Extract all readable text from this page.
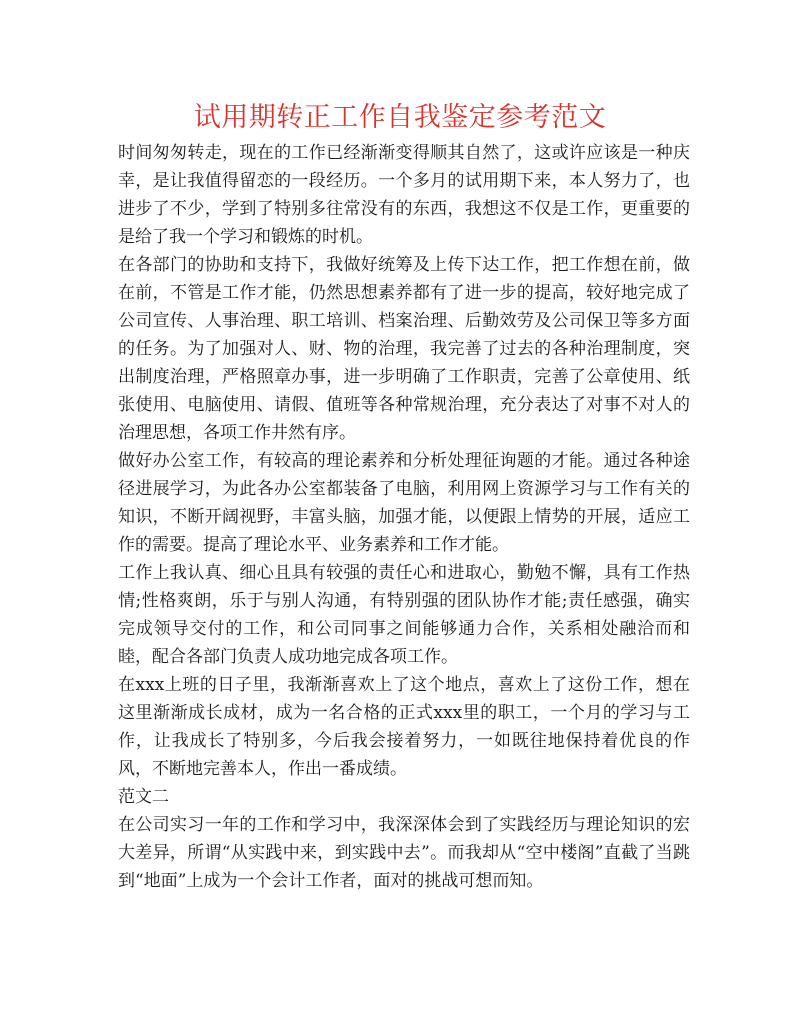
试用期转正工作自我鉴定参考范文

时间匆匆转走，现在的工作已经渐渐变得顺其自然了，这或许应该是一种庆幸，是让我值得留恋的一段经历。一个多月的试用期下来，本人努力了，也进步了不少，学到了特别多往常没有的东西，我想这不仅是工作，更重要的是给了我一个学习和锻炼的时机。

在各部门的协助和支持下，我做好统筹及上传下达工作，把工作想在前，做在前，不管是工作才能，仍然思想素养都有了进一步的提高，较好地完成了公司宣传、人事治理、职工培训、档案治理、后勤效劳及公司保卫等多方面的任务。为了加强对人、财、物的治理，我完善了过去的各种治理制度，突出制度治理，严格照章办事，进一步明确了工作职责，完善了公章使用、纸张使用、电脑使用、请假、值班等各种常规治理，充分表达了对事不对人的治理思想，各项工作井然有序。

做好办公室工作，有较高的理论素养和分析处理征询题的才能。通过各种途径进展学习，为此各办公室都装备了电脑，利用网上资源学习与工作有关的知识，不断开阔视野，丰富头脑，加强才能，以便跟上情势的开展，适应工作的需要。提高了理论水平、业务素养和工作才能。

工作上我认真、细心且具有较强的责任心和进取心，勤勉不懈，具有工作热情;性格爽朗，乐于与别人沟通，有特别强的团队协作才能;责任感强，确实完成领导交付的工作，和公司同事之间能够通力合作，关系相处融洽而和睦，配合各部门负责人成功地完成各项工作。

在xxx上班的日子里，我渐渐喜欢上了这个地点，喜欢上了这份工作，想在这里渐渐成长成材，成为一名合格的正式xxx里的职工，一个月的学习与工作，让我成长了特别多，今后我会接着努力，一如既往地保持着优良的作风，不断地完善本人，作出一番成绩。

范文二

在公司实习一年的工作和学习中，我深深体会到了实践经历与理论知识的宏大差异，所谓“从实践中来，到实践中去”。而我却从“空中楼阁”直截了当跳到“地面”上成为一个会计工作者，面对的挑战可想而知。
